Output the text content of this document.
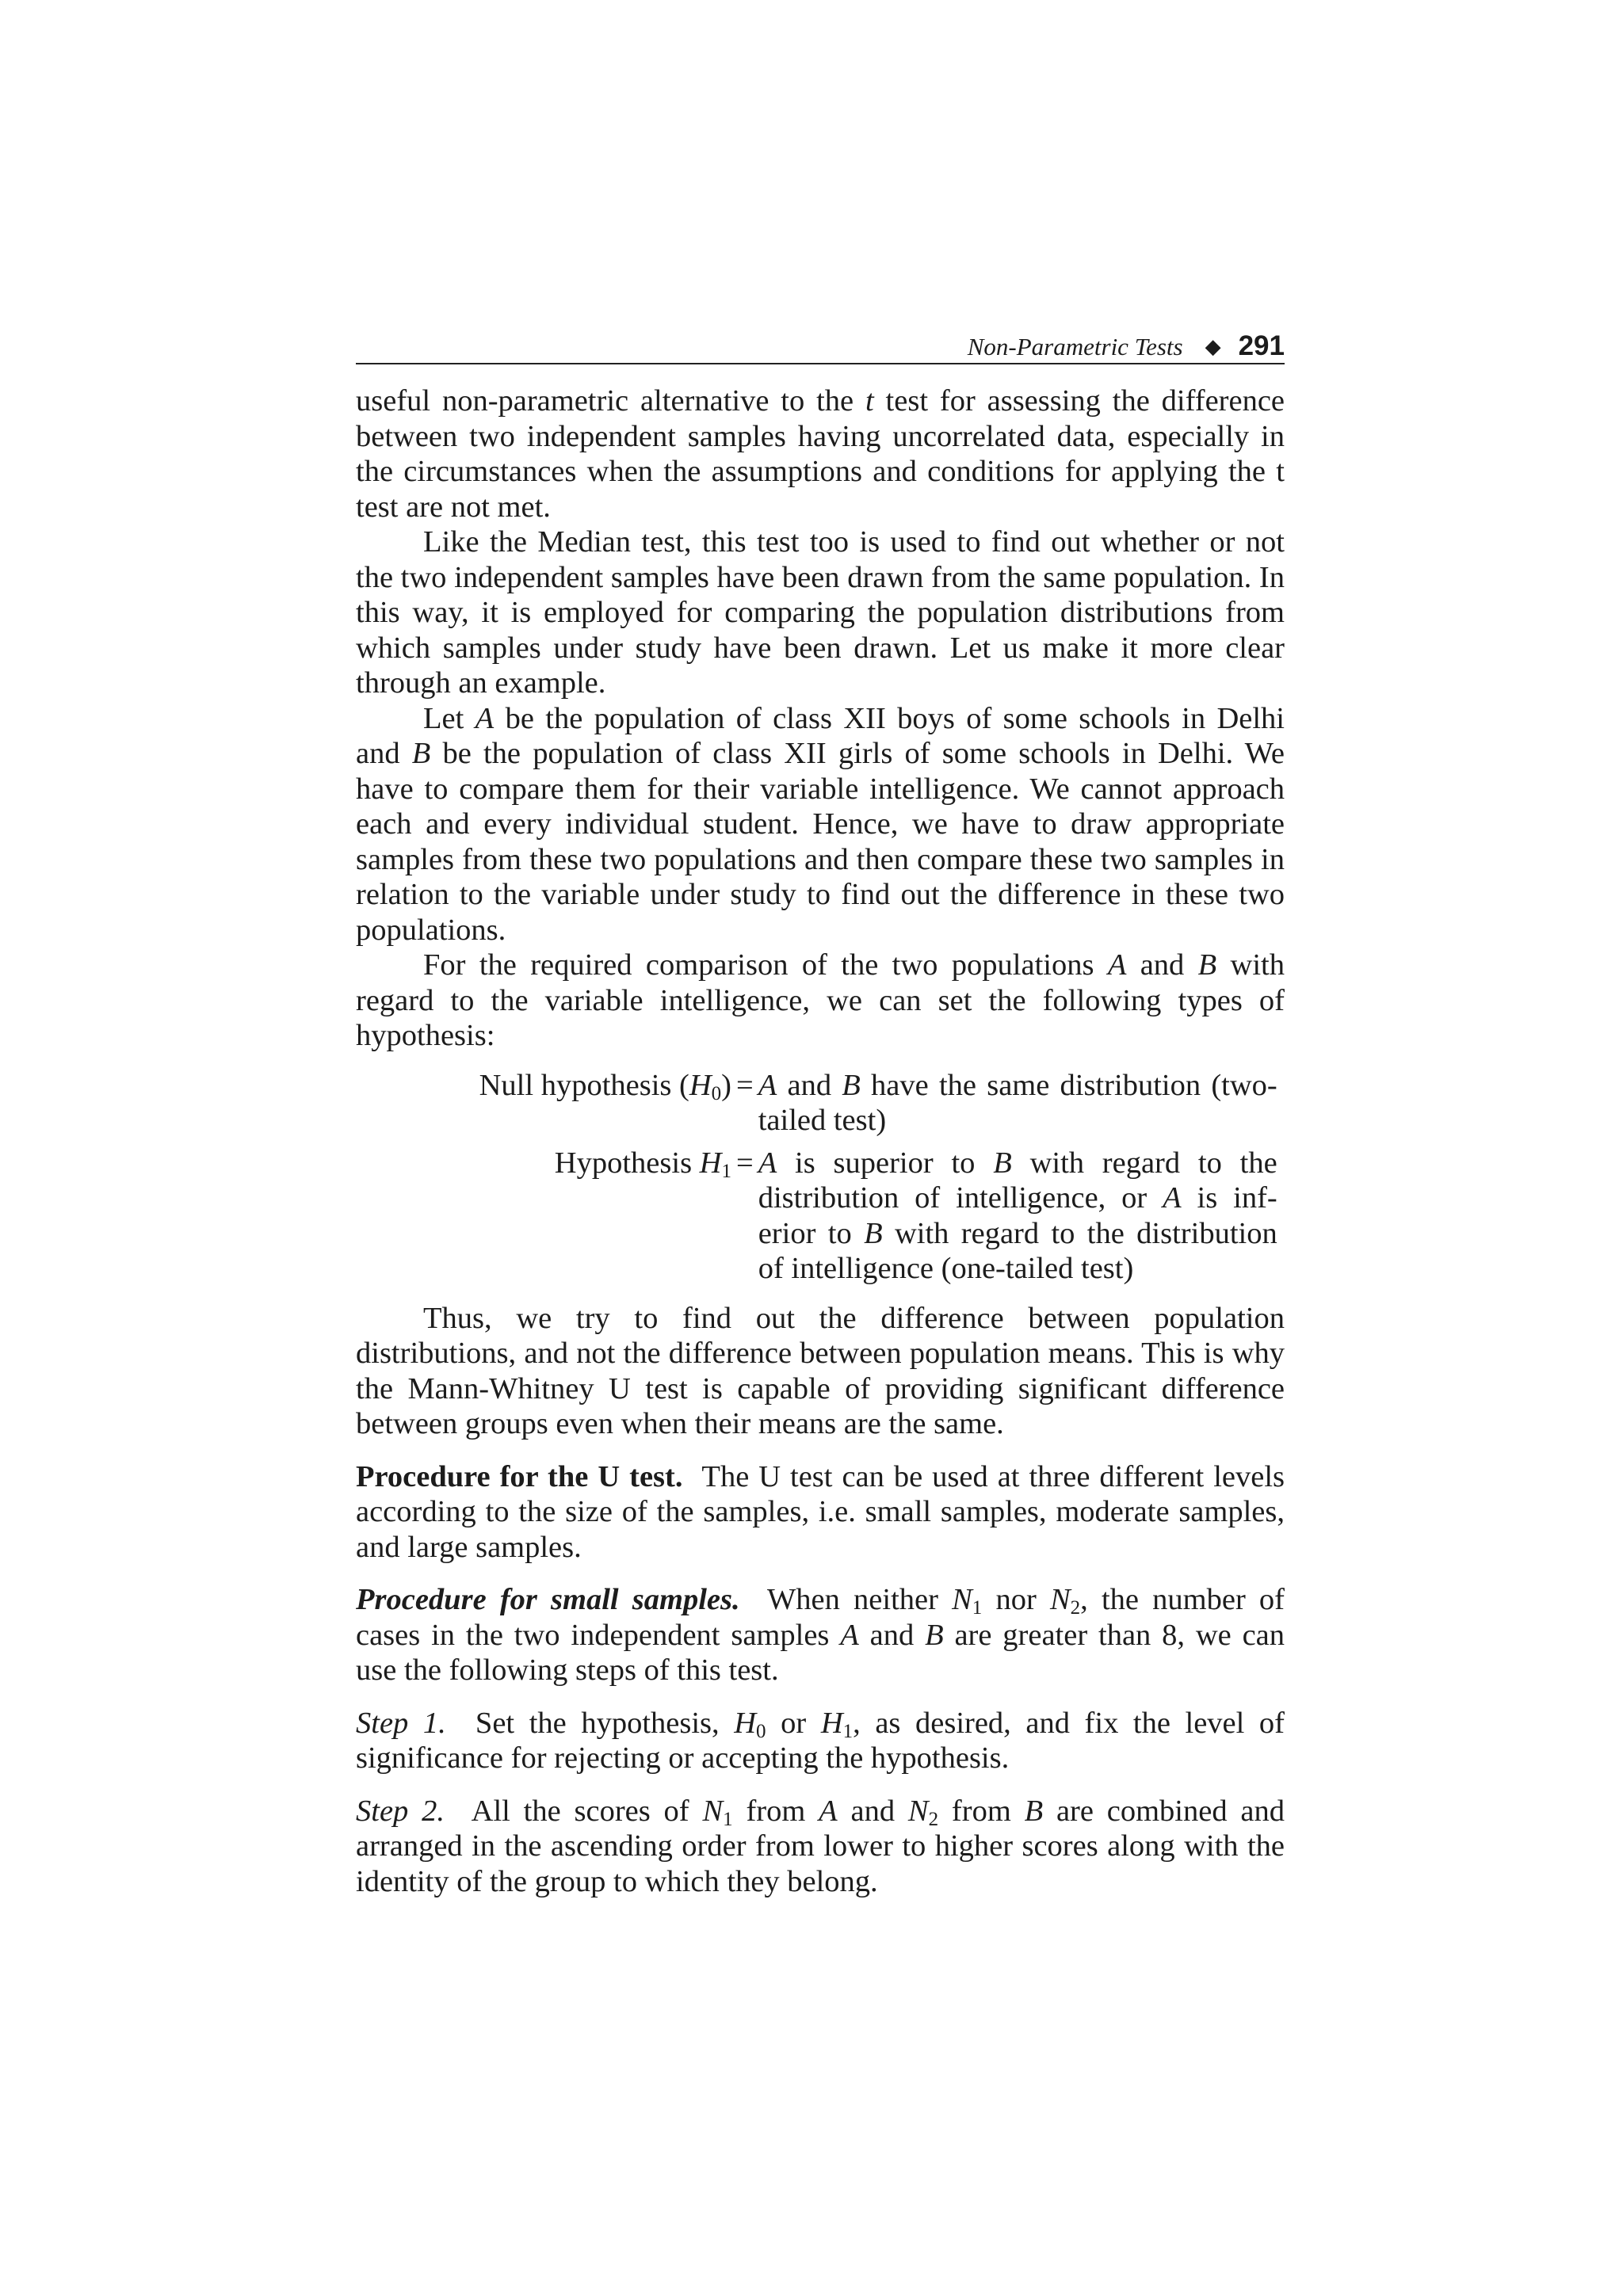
Non-Parametric Tests ◆ 291

useful non-parametric alternative to the t test for assessing the difference between two independent samples having uncorrelated data, especially in the circumstances when the assumptions and conditions for applying the t test are not met.

Like the Median test, this test too is used to find out whether or not the two independent samples have been drawn from the same population. In this way, it is employed for comparing the population distributions from which samples under study have been drawn. Let us make it more clear through an example.

Let A be the population of class XII boys of some schools in Delhi and B be the population of class XII girls of some schools in Delhi. We have to compare them for their variable intelligence. We cannot approach each and every individual student. Hence, we have to draw appropriate samples from these two populations and then compare these two samples in relation to the variable under study to find out the difference in these two populations.

For the required comparison of the two populations A and B with regard to the variable intelligence, we can set the following types of hypothesis:

Null hypothesis $(H_0) = A$ and B have the same distribution (two-tailed test)
Hypothesis $H_1 = A$ is superior to B with regard to the distribution of intelligence, or A is inf-erior to B with regard to the distribution of intelligence (one-tailed test)

Thus, we try to find out the difference between population distributions, and not the difference between population means. This is why the Mann-Whitney U test is capable of providing significant difference between groups even when their means are the same.

Procedure for the U test. The U test can be used at three different levels according to the size of the samples, i.e. small samples, moderate samples, and large samples.

Procedure for small samples. When neither $N_1$ nor $N_2$, the number of cases in the two independent samples A and B are greater than 8, we can use the following steps of this test.

Step 1. Set the hypothesis, $H_0$ or $H_1$, as desired, and fix the level of significance for rejecting or accepting the hypothesis.

Step 2. All the scores of $N_1$ from A and $N_2$ from B are combined and arranged in the ascending order from lower to higher scores along with the identity of the group to which they belong.
